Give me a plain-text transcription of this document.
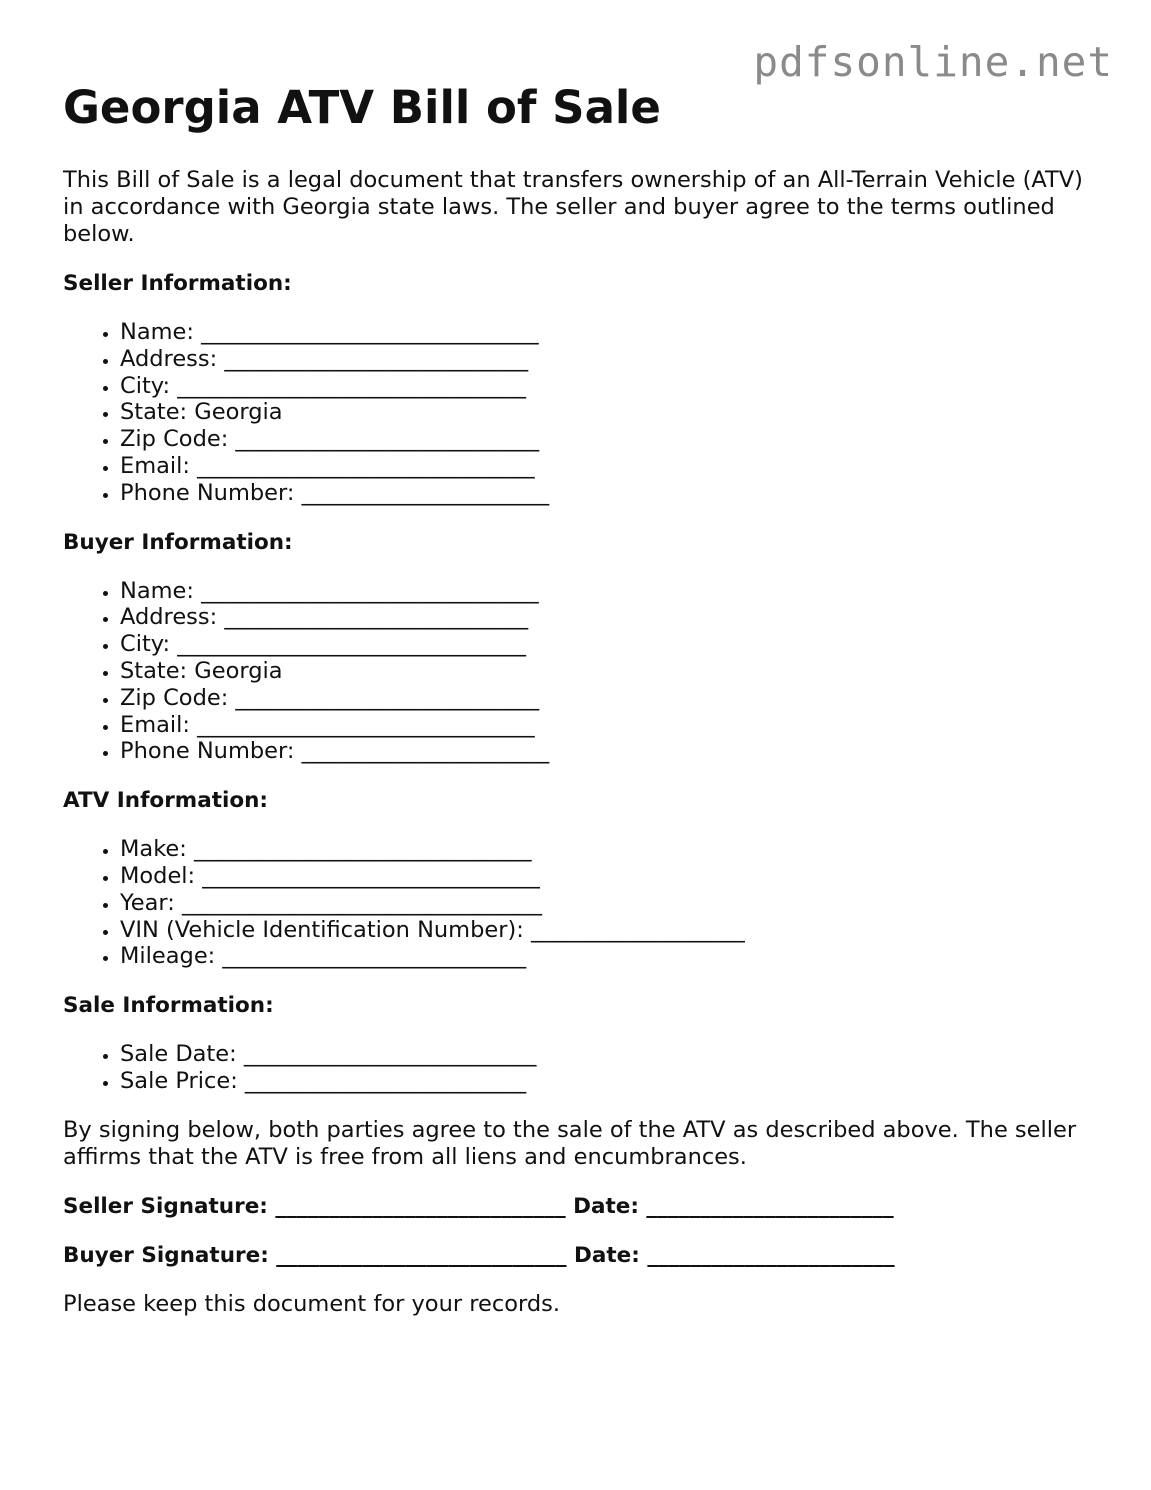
pdfsonline.net
Georgia ATV Bill of Sale

This Bill of Sale is a legal document that transfers ownership of an All-Terrain Vehicle (ATV) in accordance with Georgia state laws. The seller and buyer agree to the terms outlined below.

Seller Information:
• Name: ______________________________
• Address: ___________________________
• City: _______________________________
• State: Georgia
• Zip Code: ___________________________
• Email: ______________________________
• Phone Number: ______________________
Buyer Information:
• Name: ______________________________
• Address: ___________________________
• City: _______________________________
• State: Georgia
• Zip Code: ___________________________
• Email: ______________________________
• Phone Number: ______________________
ATV Information:
• Make: ______________________________
• Model: ______________________________
• Year: ________________________________
• VIN (Vehicle Identification Number): ___________________
• Mileage: ___________________________
Sale Information:
• Sale Date: __________________________
• Sale Price: _________________________

By signing below, both parties agree to the sale of the ATV as described above. The seller affirms that the ATV is free from all liens and encumbrances.

Seller Signature: ___________________________ Date: _______________________
Buyer Signature: ___________________________ Date: _______________________

Please keep this document for your records.
